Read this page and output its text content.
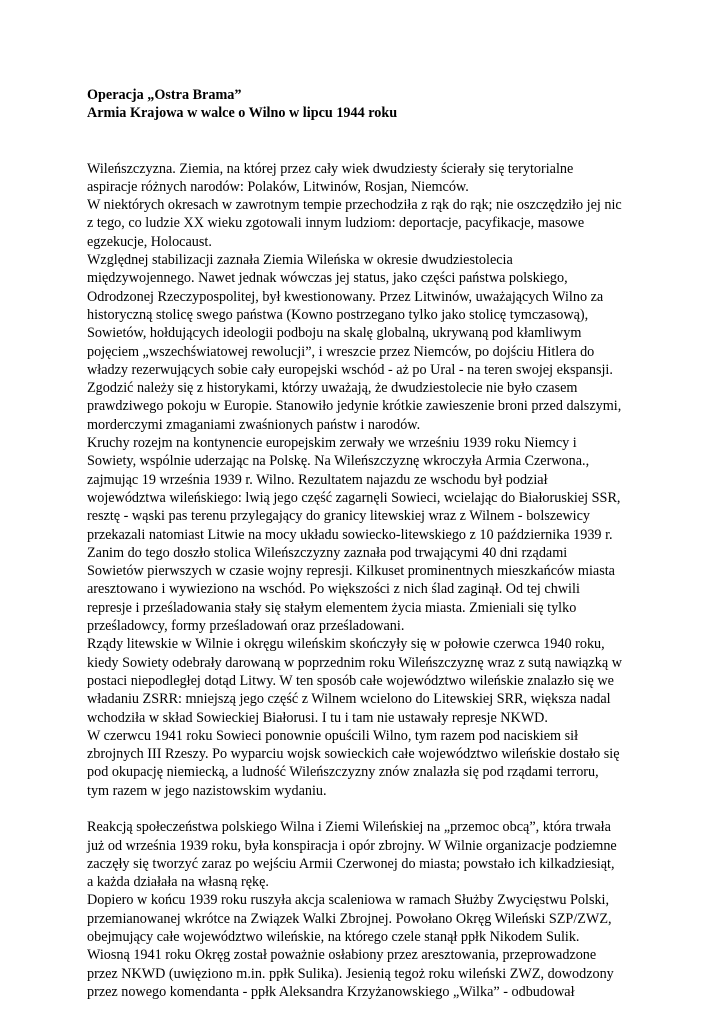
Operacja „Ostra Brama”

Armia Krajowa w walce o Wilno w lipcu 1944 roku

Wileńszczyzna. Ziemia, na której przez cały wiek dwudziesty ścierały się terytorialne
aspiracje różnych narodów: Polaków, Litwinów, Rosjan, Niemców.

W niektórych okresach w zawrotnym tempie przechodziła z rąk do rąk; nie oszczędziło jej nic
z tego, co ludzie XX wieku zgotowali innym ludziom: deportacje, pacyfikacje, masowe
egzekucje, Holocaust.

Względnej stabilizacji zaznała Ziemia Wileńska w okresie dwudziestolecia
międzywojennego. Nawet jednak wówczas jej status, jako części państwa polskiego,
Odrodzonej Rzeczypospolitej, był kwestionowany. Przez Litwinów, uważających Wilno za
historyczną stolicę swego państwa (Kowno postrzegano tylko jako stolicę tymczasową),
Sowietów, hołdujących ideologii podboju na skalę globalną, ukrywaną pod kłamliwym
pojęciem „wszechświatowej rewolucji”, i wreszcie przez Niemców, po dojściu Hitlera do
władzy rezerwujących sobie cały europejski wschód - aż po Ural - na teren swojej ekspansji.
Zgodzić należy się z historykami, którzy uważają, że dwudziestolecie nie było czasem
prawdziwego pokoju w Europie. Stanowiło jedynie krótkie zawieszenie broni przed dalszymi,
morderczymi zmaganiami zwaśnionych państw i narodów.

Kruchy rozejm na kontynencie europejskim zerwały we wrześniu 1939 roku Niemcy i
Sowiety, wspólnie uderzając na Polskę. Na Wileńszczyznę wkroczyła Armia Czerwona.,
zajmując 19 września 1939 r. Wilno. Rezultatem najazdu ze wschodu był podział
województwa wileńskiego: lwią jego część zagarnęli Sowieci, wcielając do Białoruskiej SSR,
resztę - wąski pas terenu przylegający do granicy litewskiej wraz z Wilnem - bolszewicy
przekazali natomiast Litwie na mocy układu sowiecko-litewskiego z 10 października 1939 r.
Zanim do tego doszło stolica Wileńszczyzny zaznała pod trwającymi 40 dni rządami
Sowietów pierwszych w czasie wojny represji. Kilkuset prominentnych mieszkańców miasta
aresztowano i wywieziono na wschód. Po większości z nich ślad zaginął. Od tej chwili
represje i prześladowania stały się stałym elementem życia miasta. Zmieniali się tylko
prześladowcy, formy prześladowań oraz prześladowani.

Rządy litewskie w Wilnie i okręgu wileńskim skończyły się w połowie czerwca 1940 roku,
kiedy Sowiety odebrały darowaną w poprzednim roku Wileńszczyznę wraz z sutą nawiązką w
postaci niepodległej dotąd Litwy. W ten sposób całe województwo wileńskie znalazło się we
władaniu ZSRR: mniejszą jego część z Wilnem wcielono do Litewskiej SRR, większa nadal
wchodziła w skład Sowieckiej Białorusi. I tu i tam nie ustawały represje NKWD.

W czerwcu 1941 roku Sowieci ponownie opuścili Wilno, tym razem pod naciskiem sił
zbrojnych III Rzeszy. Po wyparciu wojsk sowieckich całe województwo wileńskie dostało się
pod okupację niemiecką, a ludność Wileńszczyzny znów znalazła się pod rządami terroru,
tym razem w jego nazistowskim wydaniu.

Reakcją społeczeństwa polskiego Wilna i Ziemi Wileńskiej na „przemoc obcą”, która trwała
już od września 1939 roku, była konspiracja i opór zbrojny. W Wilnie organizacje podziemne
zaczęły się tworzyć zaraz po wejściu Armii Czerwonej do miasta; powstało ich kilkadziesiąt,
a każda działała na własną rękę.

Dopiero w końcu 1939 roku ruszyła akcja scaleniowa w ramach Służby Zwycięstwu Polski,
przemianowanej wkrótce na Związek Walki Zbrojnej. Powołano Okręg Wileński SZP/ZWZ,
obejmujący całe województwo wileńskie, na którego czele stanął ppłk Nikodem Sulik.
Wiosną 1941 roku Okręg został poważnie osłabiony przez aresztowania, przeprowadzone
przez NKWD (uwięziono m.in. ppłk Sulika). Jesienią tegoż roku wileński ZWZ, dowodzony
przez nowego komendanta - ppłk Aleksandra Krzyżanowskiego „Wilka” - odbudował
